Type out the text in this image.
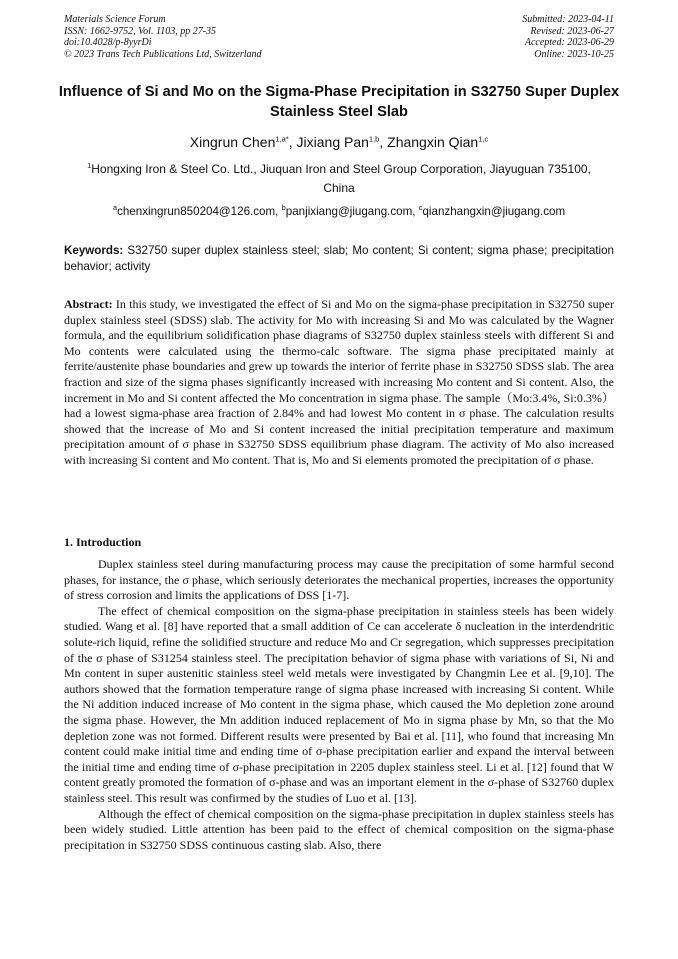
Materials Science Forum
ISSN: 1662-9752, Vol. 1103, pp 27-35
doi:10.4028/p-8yyrDi
© 2023 Trans Tech Publications Ltd, Switzerland
Submitted: 2023-04-11
Revised: 2023-06-27
Accepted: 2023-06-29
Online: 2023-10-25
Influence of Si and Mo on the Sigma-Phase Precipitation in S32750 Super Duplex Stainless Steel Slab
Xingrun Chen$^{1,a*}$, Jixiang Pan$^{1,b}$, Zhangxin Qian$^{1,c}$
$^1$Hongxing Iron & Steel Co. Ltd., Jiuquan Iron and Steel Group Corporation, Jiayuguan 735100, China
$^a$chenxingrun850204@126.com, $^b$panjixiang@jiugang.com, $^c$qianzhangxin@jiugang.com
Keywords: S32750 super duplex stainless steel; slab; Mo content; Si content; sigma phase; precipitation behavior; activity
Abstract: In this study, we investigated the effect of Si and Mo on the sigma-phase precipitation in S32750 super duplex stainless steel (SDSS) slab. The activity for Mo with increasing Si and Mo was calculated by the Wagner formula, and the equilibrium solidification phase diagrams of S32750 duplex stainless steels with different Si and Mo contents were calculated using the thermo-calc software. The sigma phase precipitated mainly at ferrite/austenite phase boundaries and grew up towards the interior of ferrite phase in S32750 SDSS slab. The area fraction and size of the sigma phases significantly increased with increasing Mo content and Si content. Also, the increment in Mo and Si content affected the Mo concentration in sigma phase. The sample（Mo:3.4%, Si:0.3%）had a lowest sigma-phase area fraction of 2.84% and had lowest Mo content in σ phase. The calculation results showed that the increase of Mo and Si content increased the initial precipitation temperature and maximum precipitation amount of σ phase in S32750 SDSS equilibrium phase diagram. The activity of Mo also increased with increasing Si content and Mo content. That is, Mo and Si elements promoted the precipitation of σ phase.
1. Introduction

Duplex stainless steel during manufacturing process may cause the precipitation of some harmful second phases, for instance, the σ phase, which seriously deteriorates the mechanical properties, increases the opportunity of stress corrosion and limits the applications of DSS [1-7].

The effect of chemical composition on the sigma-phase precipitation in stainless steels has been widely studied. Wang et al. [8] have reported that a small addition of Ce can accelerate δ nucleation in the interdendritic solute-rich liquid, refine the solidified structure and reduce Mo and Cr segregation, which suppresses precipitation of the σ phase of S31254 stainless steel. The precipitation behavior of sigma phase with variations of Si, Ni and Mn content in super austenitic stainless steel weld metals were investigated by Changmin Lee et al. [9,10]. The authors showed that the formation temperature range of sigma phase increased with increasing Si content. While the Ni addition induced increase of Mo content in the sigma phase, which caused the Mo depletion zone around the sigma phase. However, the Mn addition induced replacement of Mo in sigma phase by Mn, so that the Mo depletion zone was not formed. Different results were presented by Bai et al. [11], who found that increasing Mn content could make initial time and ending time of σ-phase precipitation earlier and expand the interval between the initial time and ending time of σ-phase precipitation in 2205 duplex stainless steel. Li et al. [12] found that W content greatly promoted the formation of σ-phase and was an important element in the σ-phase of S32760 duplex stainless steel. This result was confirmed by the studies of Luo et al. [13].

Although the effect of chemical composition on the sigma-phase precipitation in duplex stainless steels has been widely studied. Little attention has been paid to the effect of chemical composition on the sigma-phase precipitation in S32750 SDSS continuous casting slab. Also, there
